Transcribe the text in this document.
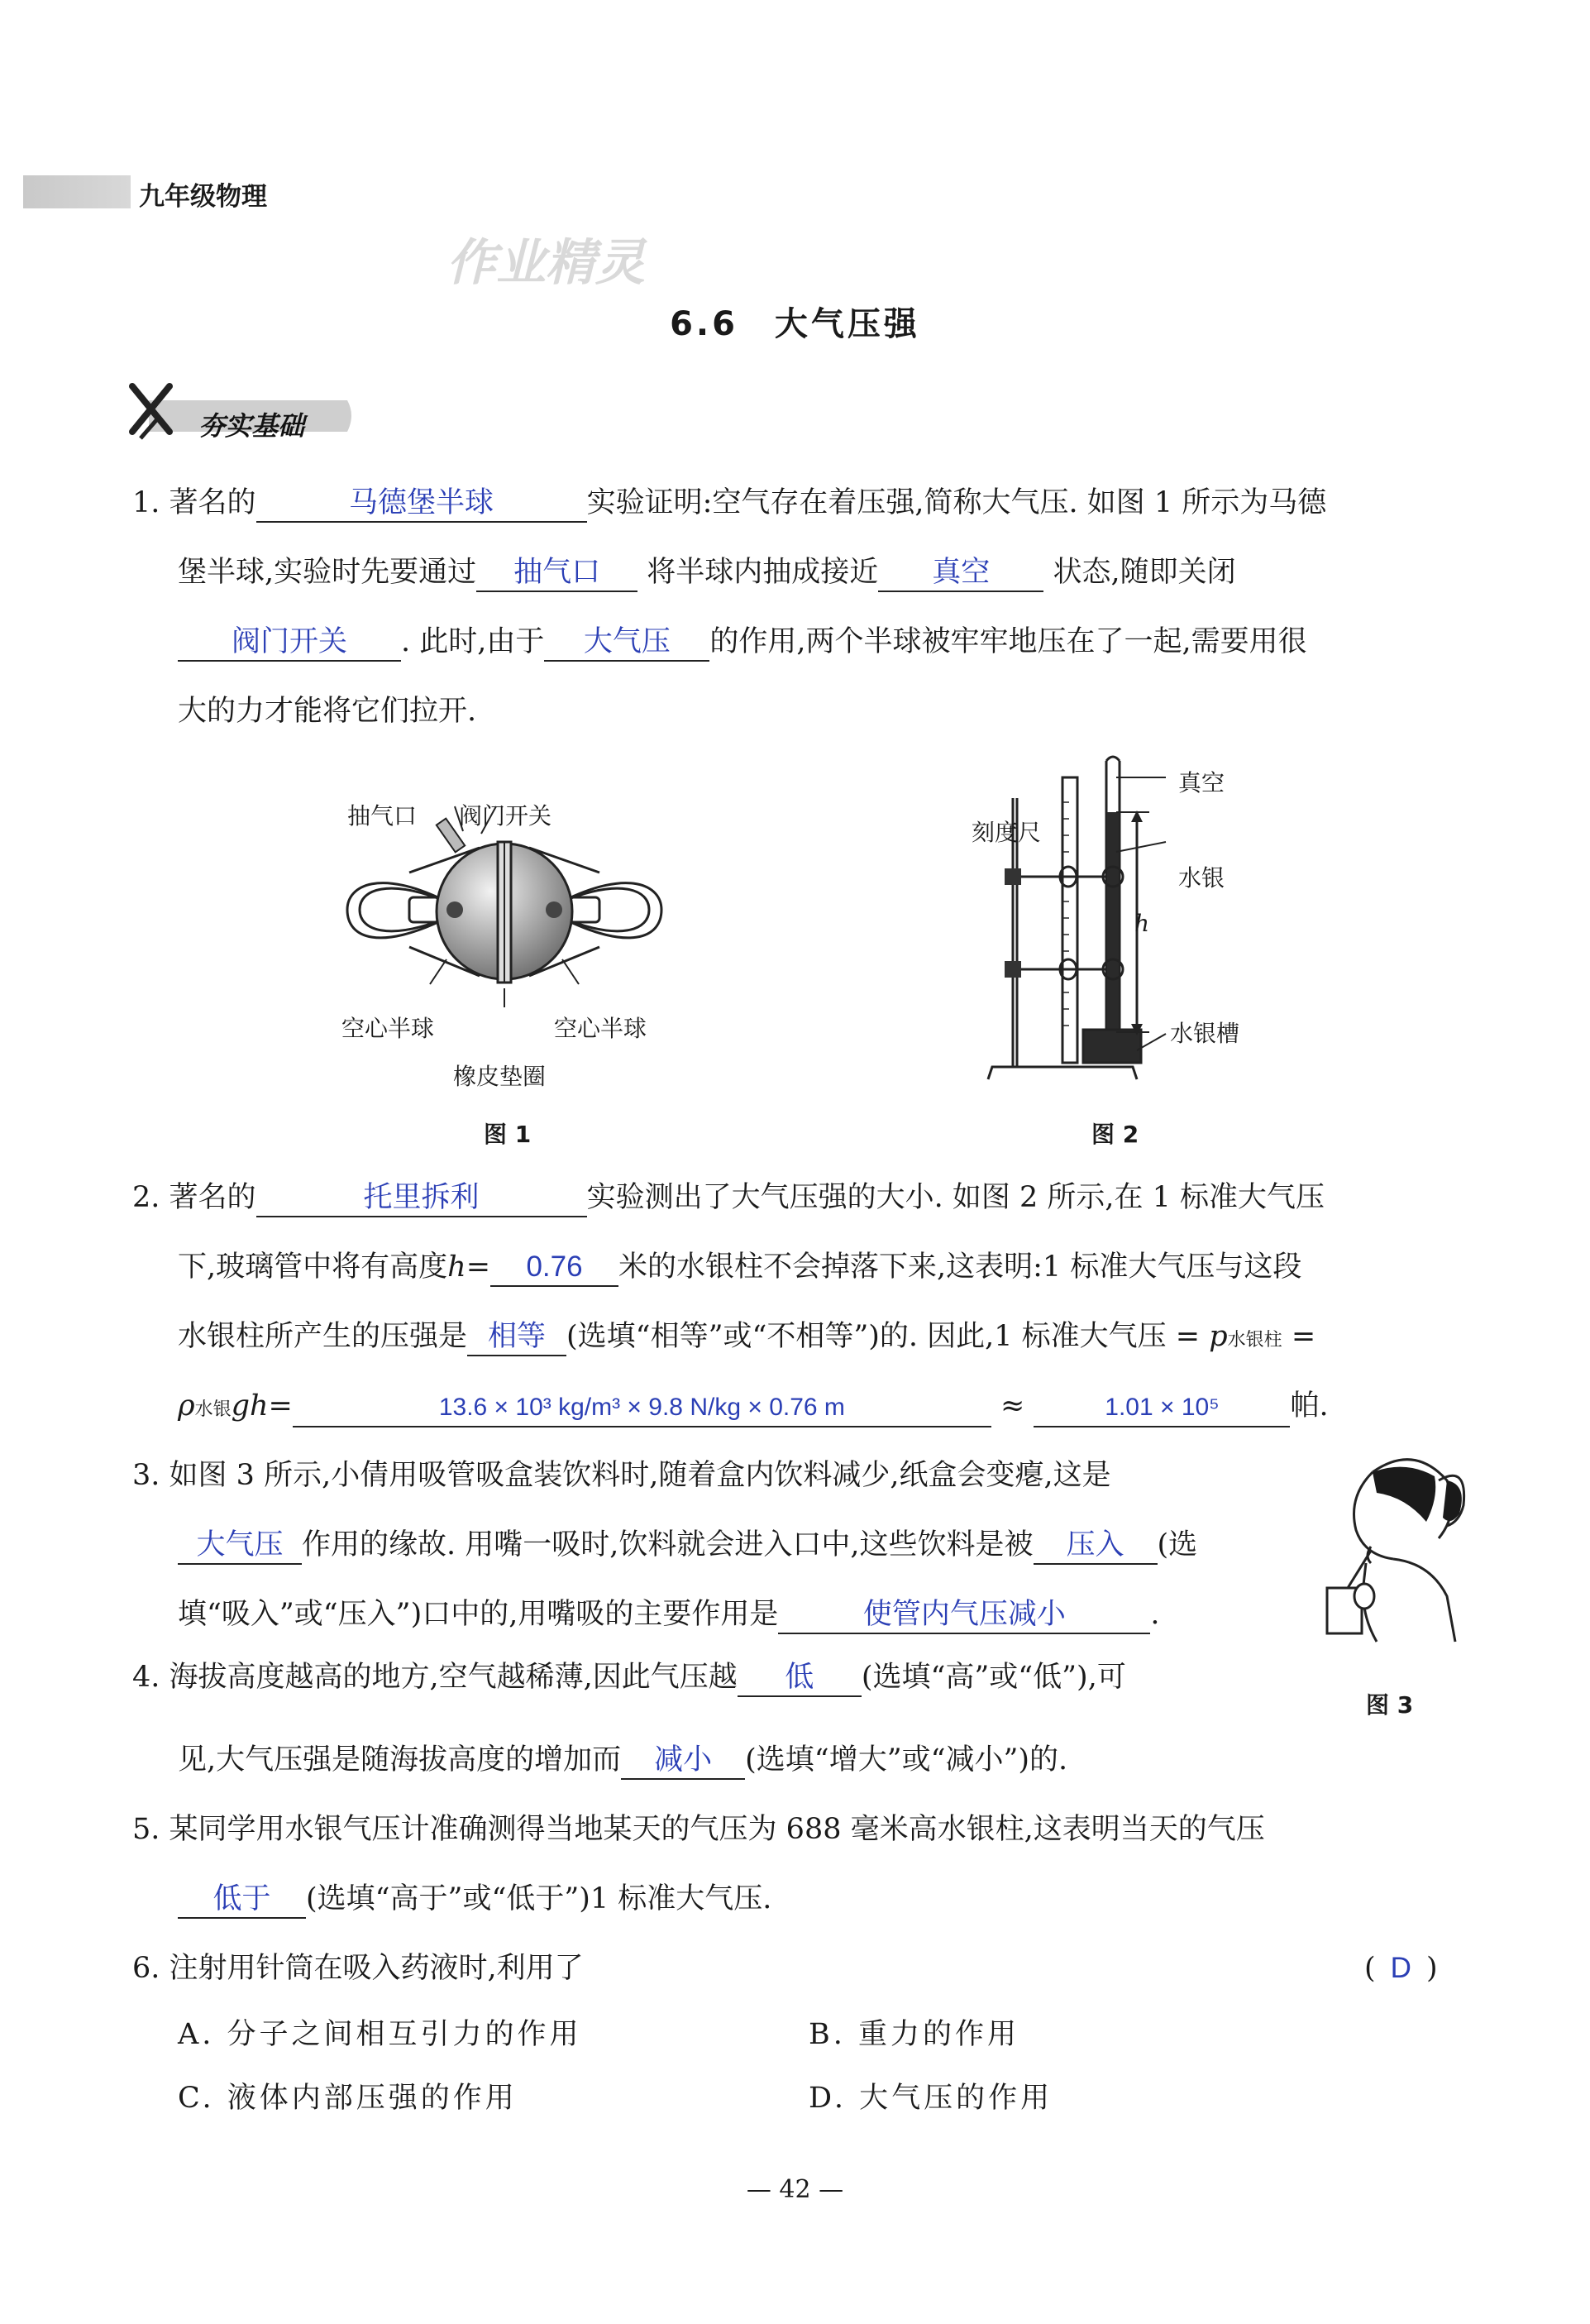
九年级物理
作业精灵
6.6　大气压强
夯实基础
1. 著名的	马德堡半球	实验证明:空气存在着压强,简称大气压. 如图 1 所示为马德
堡半球,实验时先要通过 抽气口 将半球内抽成接近 真空 状态,随即关闭
阀门开关 . 此时,由于 大气压 的作用,两个半球被牢牢地压在了一起,需要用很
大的力才能将它们拉开.
抽气口 阀门开关
空心半球	空心半球
橡皮垫圈
图 1
真空
刻度尺
水银
h
水银槽
图 2
2. 著名的	托里拆利	实验测出了大气压强的大小. 如图 2 所示,在 1 标准大气压
下,玻璃管中将有高度h= 0.76 米的水银柱不会掉落下来,这表明:1 标准大气压与这段
水银柱所产生的压强是 相等 (选填“相等”或“不相等”)的. 因此,1 标准大气压 = p水银柱 =
ρ水银gh=	13.6 × 10³ kg/m³ × 9.8 N/kg × 0.76 m	≈	1.01 × 10⁵ 帕.
3. 如图 3 所示,小倩用吸管吸盒装饮料时,随着盒内饮料减少,纸盒会变瘪,这是
大气压 作用的缘故. 用嘴一吸时,饮料就会进入口中,这些饮料是被 压入 (选
填“吸入”或“压入”)口中的,用嘴吸的主要作用是	使管内气压减小	.
图 3
4. 海拔高度越高的地方,空气越稀薄,因此气压越 低 (选填“高”或“低”),可
见,大气压强是随海拔高度的增加而 减小 (选填“增大”或“减小”)的.
5. 某同学用水银气压计准确测得当地某天的气压为 688 毫米高水银柱,这表明当天的气压
低于 (选填“高于”或“低于”)1 标准大气压.
6. 注射用针筒在吸入药液时,利用了	( D )
A. 分子之间相互引力的作用	B. 重力的作用
C. 液体内部压强的作用	D. 大气压的作用
— 42 —
